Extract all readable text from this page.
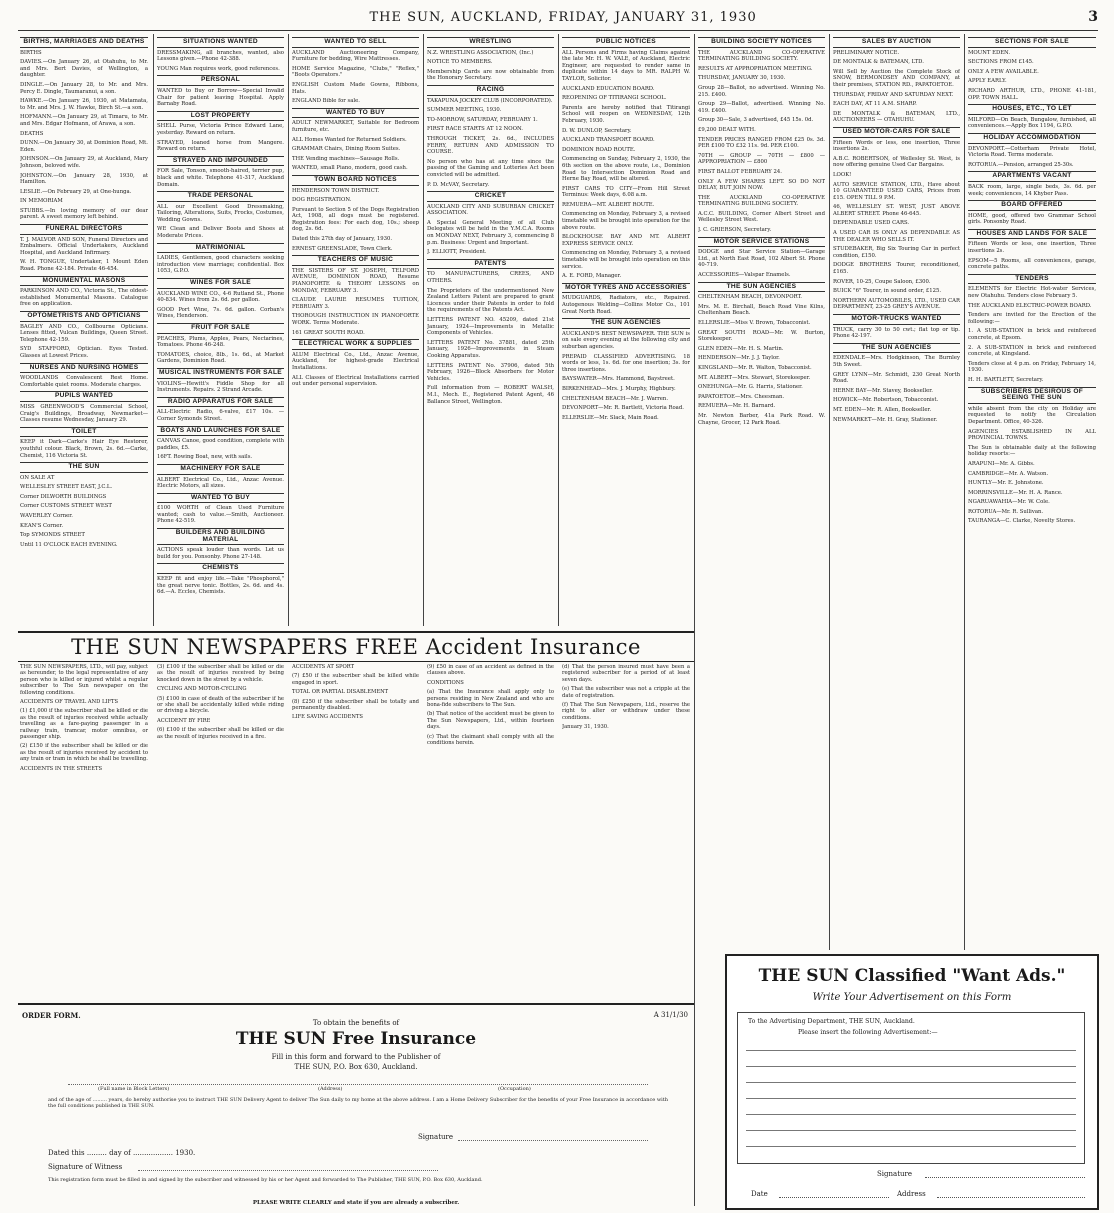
THE SUN, AUCKLAND, FRIDAY, JANUARY 31, 1930	3
BIRTHS, MARRIAGES AND DEATHS
BIRTHS
DAVIES.—On January 26, at Otahuhu, to Mr. and Mrs. Bert Davies, of Wellington, a daughter.
DINGLE.—On January 28, to Mr. and Mrs. Percy E. Dingle, Taumaranui, a son.
HAWKE.—On January 26, 1930, at Matamata, to Mr. and Mrs. J. W. Hawke, Birch St.—a son.
HOFMANN.—On January 29, at Timaru, to Mr. and Mrs. Edgar Hofmann, of Arawa, a son.
DEATHS
DUNN.—On January 30, at Dominion Road, Mt. Eden.
JOHNSON.—On January 29, at Auckland, Mary Johnson, beloved wife.
JOHNSTON.—On January 28, 1930, at Hamilton.
LESLIE.—On February 29, at One-hunga.
IN MEMORIAM
STUBBS.—In loving memory of our dear parent. A sweet memory left behind.
FUNERAL DIRECTORS
T. J. MALVOR AND SON, Funeral Directors and Embalmers. Official Undertakers, Auckland Hospital, and Auckland Infirmary.
W. H. TONGUE, Undertaker, 1 Mount Eden Road. Phone 42-184. Private 46-454.
MONUMENTAL MASONS
PARKINSON AND CO., Victoria St., The oldest-established Monumental Masons. Catalogue free on application.
OPTOMETRISTS AND OPTICIANS
BAGLEY AND CO., Collbourne Opticians. Lenses fitted, Vulcan Buildings, Queen Street. Telephone 42-159.
SYD STAFFORD, Optician. Eyes Tested. Glasses at Lowest Prices.
NURSES AND NURSING HOMES
WOODLANDS Convalescent Rest Home. Comfortable quiet rooms. Moderate charges.
PUPILS WANTED
MISS GREENWOOD'S Commercial School, Craig's Buildings, Broadway, Newmarket—Classes resume Wednesday, January 29.
TOILET
KEEP it Dark—Carke's Hair Eye Restorer, youthful colour. Black, Brown, 2s. 6d.—Carke, Chemist, 116 Victoria St.
THE SUN
ON SALE AT
WELLESLEY STREET EAST, J.C.L.
Corner DILWORTH BUILDINGS
Corner CUSTOMS STREET WEST
WAVERLEY Corner.
KEAN'S Corner.
Top SYMONDS STREET
Until 11 O'CLOCK EACH EVENING.
SITUATIONS WANTED
DRESSMAKING, all branches, wanted, also Lessons given.—Phone 42-388.
YOUNG Man requires work, good references.
PERSONAL
WANTED to Buy or Borrow—Special Invalid Chair for patient leaving Hospital. Apply Barnaby Road.
LOST PROPERTY
SHELL Purse, Victoria Prince Edward Lane, yesterday. Reward on return.
STRAYED, loaned horse from Mangere. Reward on return.
STRAYED AND IMPOUNDED
FOR Sale, Tonson, smooth-haired, terrier pup, black and white. Telephone 41-317, Auckland Domain.
TRADE PERSONAL
ALL our Excellent Good Dressmaking, Tailoring, Alterations, Suits, Frocks, Costumes, Wedding Gowns.
WE Clean and Deliver Boots and Shoes at Moderate Prices.
MATRIMONIAL
LADIES, Gentlemen, good characters seeking introduction view marriage; confidential. Box 1053, G.P.O.
WINES FOR SALE
AUCKLAND WINE CO., 4-6 Rutland St., Phone 40-834. Wines from 2s. 6d. per gallon.
GOOD Port Wine, 7s. 6d. gallon. Corban's Wines, Henderson.
FRUIT FOR SALE
PEACHES, Plums, Apples, Pears, Nectarines, Tomatoes. Phone 46-248.
TOMATOES, choice, 8lb., 1s. 6d., at Market Gardens, Dominion Road.
MUSICAL INSTRUMENTS FOR SALE
VIOLINS—Hewitt's Fiddle Shop for all Instruments. Repairs. 2 Strand Arcade.
RADIO APPARATUS FOR SALE
ALL-Electric Radio, 6-valve, £17 10s. — Corner Symonds Street.
BOATS AND LAUNCHES FOR SALE
CANVAS Canoe, good condition, complete with paddles, £5.
16FT. Rowing Boat, new, with sails.
MACHINERY FOR SALE
ALBERT Electrical Co., Ltd., Anzac Avenue. Electric Motors, all sizes.
WANTED TO BUY
£100 WORTH of Clean Used Furniture wanted; cash to value.—Smith, Auctioneer. Phone 42-519.
BUILDERS AND BUILDING MATERIAL
ACTIONS speak louder than words. Let us build for you. Ponsonby. Phone 27-148.
CHEMISTS
KEEP fit and enjoy life.—Take "Phosphorol," the great nerve tonic. Bottles, 2s. 6d. and 4s. 6d.—A. Eccles, Chemists.
WANTED TO SELL
AUCKLAND Auctioneering Company, Furniture for bedding, Wire Mattresses.
HOME Service Magazine, "Clubs," "Reflex," "Boots Operators."
ENGLISH Custom Made Gowns, Ribbons, Hats.
ENGLAND Bible for sale.
WANTED TO BUY
ADULT NEWMARKET, Suitable for Bedroom furniture, etc.
ALL Homes Wanted for Returned Soldiers.
GRAMMAR Chairs, Dining Room Suites.
THE Vending machines—Sausage Rolls.
WANTED, small Piano, modern, good cash.
TOWN BOARD NOTICES
HENDERSON TOWN DISTRICT.
DOG REGISTRATION.
Pursuant to Section 5 of the Dogs Registration Act, 1908, all dogs must be registered. Registration fees: For each dog, 10s.; sheep dog, 2s. 6d.
Dated this 27th day of January, 1930.
ERNEST GREENSLADE, Town Clerk.
TEACHERS OF MUSIC
THE SISTERS OF ST. JOSEPH, TELFORD AVENUE, DOMINION ROAD, Resume PIANOFORTE & THEORY LESSONS on MONDAY, FEBRUARY 3.
CLAUDE LAURIE RESUMES TUITION, FEBRUARY 3.
THOROUGH INSTRUCTION IN PIANOFORTE WORK. Terms Moderate.
161 GREAT SOUTH ROAD.
ELECTRICAL WORK & SUPPLIES
ALUM Electrical Co., Ltd., Anzac Avenue, Auckland, for highest-grade Electrical Installations.
ALL Classes of Electrical Installations carried out under personal supervision.
WRESTLING
N.Z. WRESTLING ASSOCIATION, (Inc.)
NOTICE TO MEMBERS.
Membership Cards are now obtainable from the Honorary Secretary.
RACING
TAKAPUNA JOCKEY CLUB (INCORPORATED).
SUMMER MEETING, 1930.
TO-MORROW, SATURDAY, FEBRUARY 1.
FIRST RACE STARTS AT 12 NOON.
THROUGH TICKET, 2s. 6d., INCLUDES FERRY, RETURN AND ADMISSION TO COURSE.
No person who has at any time since the passing of the Gaming and Lotteries Act been convicted will be admitted.
P. D. McVAY, Secretary.
CRICKET
AUCKLAND CITY AND SUBURBAN CRICKET ASSOCIATION.
A Special General Meeting of all Club Delegates will be held in the Y.M.C.A. Rooms on MONDAY NEXT, February 3, commencing 8 p.m. Business: Urgent and Important.
J. ELLIOTT, President.
PATENTS
TO MANUFACTURERS, CREES, AND OTHERS.
The Proprietors of the undermentioned New Zealand Letters Patent are prepared to grant Licences under their Patents in order to fold the requirements of the Patents Act.
LETTERS PATENT NO. 45209, dated 21st January, 1924—Improvements in Metallic Components of Vehicles.
LETTERS PATENT No. 37881, dated 25th January, 1926—Improvements in Steam Cooking Apparatus.
LETTERS PATENT No. 37906, dated 5th February, 1926—Block Absorbers for Motor Vehicles.
Full information from — ROBERT WALSH, M.I., Mech. E., Registered Patent Agent, 46 Ballance Street, Wellington.
PUBLIC NOTICES
ALL Persons and Firms having Claims against the late Mr. H. W. VALE, of Auckland, Electric Engineer, are requested to render same in duplicate within 14 days to MR. RALPH W. TAYLOR, Solicitor.
AUCKLAND EDUCATION BOARD.
REOPENING OF TITIRANGI SCHOOL.
Parents are hereby notified that Titirangi School will reopen on WEDNESDAY, 12th February, 1930.
D. W. DUNLOP, Secretary.
AUCKLAND TRANSPORT BOARD.
DOMINION ROAD ROUTE.
Commencing on Sunday, February 2, 1930, the 6th section on the above route, i.e., Dominion Road to Intersection Dominion Road and Herne Bay Road, will be altered.
FIRST CARS TO CITY—From Hill Street Terminus: Week days, 6.08 a.m.
REMUERA—MT. ALBERT ROUTE.
Commencing on Monday, February 3, a revised timetable will be brought into operation for the above route.
BLOCKHOUSE BAY AND MT. ALBERT EXPRESS SERVICE ONLY.
Commencing on Monday, February 3, a revised timetable will be brought into operation on this service.
A. E. FORD, Manager.
MOTOR TYRES AND ACCESSORIES
MUDGUARDS, Radiators, etc., Repaired. Autogenous Welding—Collins Motor Co., 101 Great North Road.
THE SUN AGENCIES
AUCKLAND'S BEST NEWSPAPER. THE SUN is on sale every evening at the following city and suburban agencies.
PREPAID CLASSIFIED ADVERTISING. 18 words or less, 1s. 6d. for one insertion; 3s. for three insertions.
BAYSWATER—Mrs. Hammond, Baystreet.
BIRKENHEAD—Mrs. J. Murphy, Highbury.
CHELTENHAM BEACH—Mr. J. Warren.
DEVONPORT—Mr. R. Bartlett, Victoria Road.
ELLERSLIE—Mr. Slack, Main Road.
BUILDING SOCIETY NOTICES
THE AUCKLAND CO-OPERATIVE TERMINATING BUILDING SOCIETY.
RESULTS AT APPROPRIATION MEETING.
THURSDAY, JANUARY 30, 1930.
Group 28—Ballot, no advertised. Winning No. 215. £400.
Group 29—Ballot, advertised. Winning No. 419. £400.
Group 30—Sale, 3 advertised, £45 15s. 0d.
£9,200 DEALT WITH.
TENDER PRICES RANGED FROM £25 0s. 3d. PER £100 TO £32 11s. 9d. PER £100.
70TH — GROUP — 70TH — £800 — APPROPRIATION — £800
FIRST BALLOT FEBRUARY 24.
ONLY A FEW SHARES LEFT. SO DO NOT DELAY, BUT JOIN NOW.
THE AUCKLAND CO-OPERATIVE TERMINATING BUILDING SOCIETY.
A.C.C. BUILDING, Corner Albert Street and Wellesley Street West.
J. C. GRIERSON, Secretary.
MOTOR SERVICE STATIONS
DODGE and Star Service Station—Garage Ltd., at North East Road, 102 Albert St. Phone 40-719.
ACCESSORIES—Valspar Enamels.
THE SUN AGENCIES
CHELTENHAM BEACH, DEVONPORT.
Mrs. M. E. Birchall, Beach Road Vine Kilns, Cheltenham Beach.
ELLERSLIE—Miss V. Brown, Tobacconist.
GREAT SOUTH ROAD—Mr. W. Burton, Storekeeper.
GLEN EDEN—Mr. H. S. Martin.
HENDERSON—Mr. J. J. Taylor.
KINGSLAND—Mr. R. Walton, Tobacconist.
MT. ALBERT—Mrs. Stewart, Storekeeper.
ONEHUNGA—Mr. G. Harris, Stationer.
PAPATOETOE—Mrs. Cheesman.
REMUERA—Mr. H. Barnard.
Mr. Newton Barber, 41a Park Road. W. Chayne, Grocer, 12 Park Road.
SALES BY AUCTION
PRELIMINARY NOTICE.
DE MONTALK & BATEMAN, LTD.
Will Sell by Auction the Complete Stock of SNOW, BERMONDSEY AND COMPANY, at their premises, STATION RD., PAPATOETOE.
THURSDAY, FRIDAY AND SATURDAY NEXT.
EACH DAY, AT 11 A.M. SHARP.
DE MONTALK & BATEMAN, LTD., AUCTIONEERS — OTAHUHU.
USED MOTOR-CARS FOR SALE
Fifteen Words or less, one insertion, Three insertions 2s.
A.B.C. ROBERTSON, of Wellesley St. West, is now offering genuine Used Car Bargains.
LOOK!
AUTO SERVICE STATION, LTD., Have about 10 GUARANTEED USED CARS, Prices from £15. OPEN TILL 9 P.M.
46, WELLESLEY ST. WEST, JUST ABOVE ALBERT STREET. Phone 46-645.
DEPENDABLE USED CARS.
A USED CAR IS ONLY AS DEPENDABLE AS THE DEALER WHO SELLS IT.
STUDEBAKER, Big Six Touring Car in perfect condition, £150.
DODGE BROTHERS Tourer, reconditioned, £165.
ROVER, 10-25, Coupe Saloon, £300.
BUICK "6" Tourer, in sound order, £125.
NORTHERN AUTOMOBILES, LTD., USED CAR DEPARTMENT, 23-25 GREY'S AVENUE.
MOTOR-TRUCKS WANTED
TRUCK, carry 30 to 50 cwt.; flat top or tip. Phone 42-197.
THE SUN AGENCIES
EDENDALE—Mrs. Hodgkinson, The Burnley 5th Sweet.
GREY LYNN—Mr. Schmidt, 230 Great North Road.
HERNE BAY—Mr. Stavey, Bookseller.
HOWICK—Mr. Robertson, Tobacconist.
MT. EDEN—Mr. R. Allen, Bookseller.
NEWMARKET—Mr. H. Gray, Stationer.
SECTIONS FOR SALE
MOUNT EDEN.
SECTIONS FROM £145.
ONLY A FEW AVAILABLE.
APPLY EARLY.
RICHARD ARTHUR, LTD., PHONE 41-181, OPP. TOWN HALL.
HOUSES, ETC., TO LET
MILFORD—On Beach, Bungalow, furnished, all conveniences.—Apply Box 1194, G.P.O.
HOLIDAY ACCOMMODATION
DEVONPORT.—Cotterham Private Hotel, Victoria Road. Terms moderate.
ROTORUA.—Pension, arranged 25-30s.
APARTMENTS VACANT
BACK room, large, single beds, 3s. 6d. per week; conveniences, 14 Khyber Pass.
BOARD OFFERED
HOME, good, offered two Grammar School girls. Ponsonby Road.
HOUSES AND LANDS FOR SALE
Fifteen Words or less, one insertion, Three insertions 2s.
EPSOM—5 Rooms, all conveniences, garage, concrete paths.
TENDERS
ELEMENTS for Electric Hot-water Services, new Otahuhu. Tenders close February 5.
THE AUCKLAND ELECTRIC-POWER BOARD.
Tenders are invited for the Erection of the following:—
1. A SUB-STATION in brick and reinforced concrete, at Epsom.
2. A SUB-STATION in brick and reinforced concrete, at Kingsland.
Tenders close at 4 p.m. on Friday, February 14, 1930.
H. H. BARTLETT, Secretary.
SUBSCRIBERS DESIROUS OF SEEING THE SUN
while absent from the city on Holiday are requested to notify the Circulation Department. Office, 40-326.
AGENCIES ESTABLISHED IN ALL PROVINCIAL TOWNS.
The Sun is obtainable daily at the following holiday resorts:—
ARAPUNI—Mr. A. Gibbs.
CAMBRIDGE—Mr. A. Watson.
HUNTLY—Mr. E. Johnstone.
MORRINSVILLE—Mr. H. A. Rance.
NGARUAWAHIA—Mr. W. Cole.
ROTORUA—Mr. R. Sullivan.
TAURANGA—C. Clarke, Novelty Stores.
THE SUN NEWSPAPERS FREE Accident Insurance
THE SUN NEWSPAPERS, LTD., will pay, subject as hereunder, to the legal representative of any person who is killed or injured whilst a regular subscriber to The Sun newspaper on the following conditions.
ACCIDENTS OF TRAVEL AND LIFTS
(1) £1,000 if the subscriber shall be killed or die as the result of injuries received while actually travelling as a fare-paying passenger in a railway train, tramcar, motor omnibus, or passenger ship.
(2) £150 if the subscriber shall be killed or die as the result of injuries received by accident to any train or tram in which he shall be travelling.
ACCIDENTS IN THE STREETS
(3) £100 if the subscriber shall be killed or die as the result of injuries received by being knocked down in the street by a vehicle.
CYCLING AND MOTOR-CYCLING
(5) £100 in case of death of the subscriber if he or she shall be accidentally killed while riding or driving a bicycle.
ACCIDENT BY FIRE
(6) £100 if the subscriber shall be killed or die as the result of injuries received in a fire.
ACCIDENTS AT SPORT
(7) £50 if the subscriber shall be killed while engaged in sport.
TOTAL OR PARTIAL DISABLEMENT
(8) £250 if the subscriber shall be totally and permanently disabled.
LIFE SAVING ACCIDENTS
(9) £50 in case of an accident as defined in the clauses above.
CONDITIONS
(a) That the Insurance shall apply only to persons residing in New Zealand and who are bona-fide subscribers to The Sun.
(b) That notice of the accident must be given to The Sun Newspapers, Ltd., within fourteen days.
(c) That the claimant shall comply with all the conditions herein.
(d) That the person insured must have been a registered subscriber for a period of at least seven days.
(e) That the subscriber was not a cripple at the date of registration.
(f) That The Sun Newspapers, Ltd., reserve the right to alter or withdraw under these conditions.
January 31, 1930.
ORDER FORM.	A 31/1/30
To obtain the benefits of
THE SUN Free Insurance
Fill in this form and forward to the Publisher of
THE SUN, P.O. Box 630, Auckland.
(Full name in Block Letters)	(Address)	(Occupation)
and of the age of ......... years, do hereby authorise you to instruct THE SUN Delivery Agent to deliver The Sun daily to my home at the above address. I am a Home Delivery Subscriber for the benefits of your Free Insurance in accordance with the full conditions published in THE SUN.
Signature
Dated this ......... day of .................. 1930.
Signature of Witness
This registration form must be filled in and signed by the subscriber and witnessed by his or her Agent and forwarded to The Publisher, THE SUN, P.O. Box 630, Auckland.
PLEASE WRITE CLEARLY and state if you are already a subscriber.
THE SUN Classified "Want Ads."
Write Your Advertisement on this Form
To the Advertising Department, THE SUN, Auckland.
Please insert the following Advertisement:—
Signature
Date	Address
